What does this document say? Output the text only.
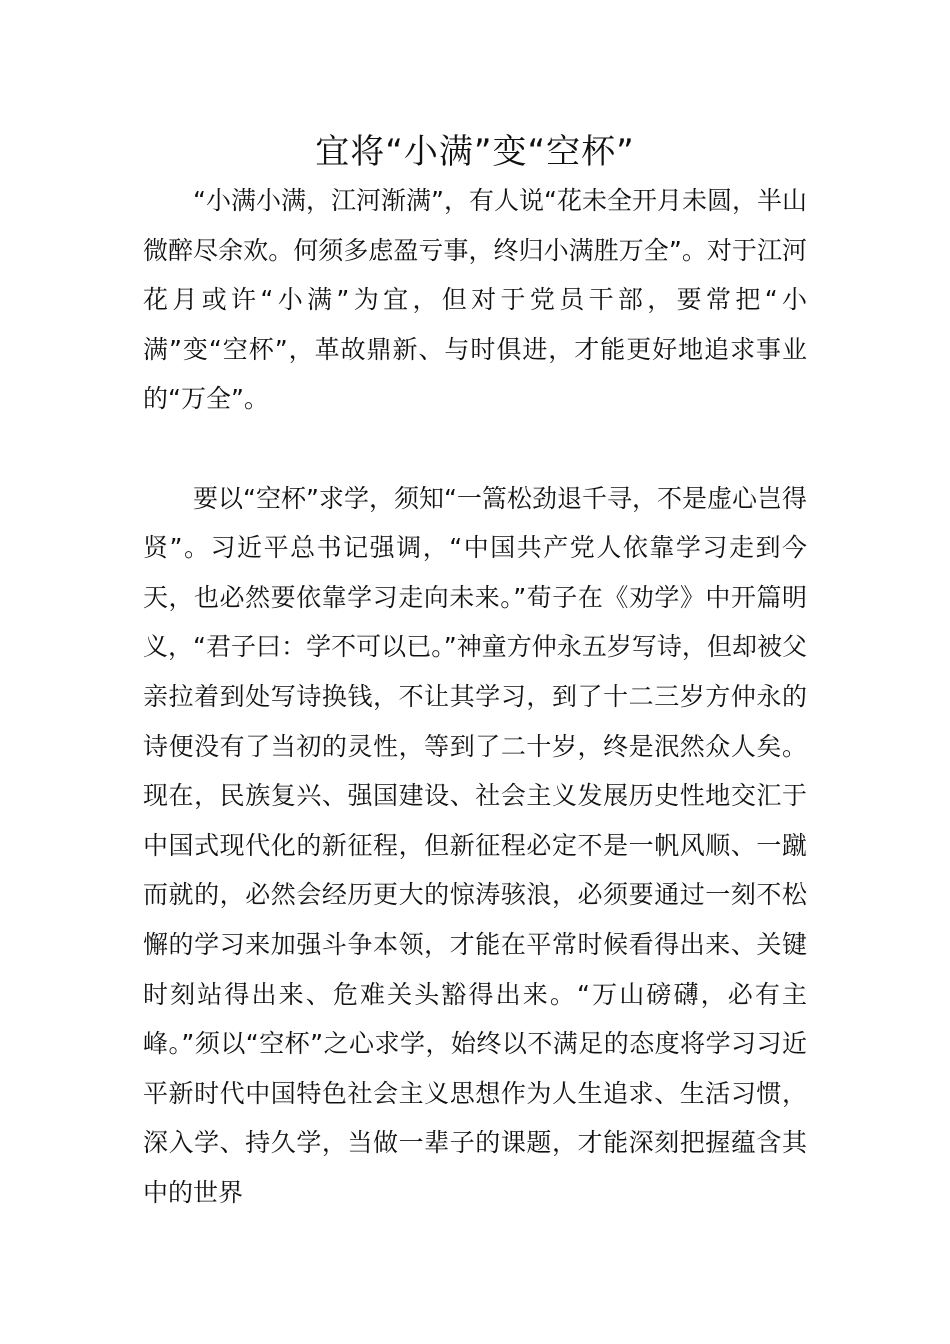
宜将“小满”变“空杯”

“小满小满，江河渐满”，有人说“花未全开月未圆，半山微醉尽余欢。何须多虑盈亏事，终归小满胜万全”。对于江河花月或许“小满”为宜，但对于党员干部，要常把“小满”变“空杯”，革故鼎新、与时俱进，才能更好地追求事业的“万全”。

要以“空杯”求学，须知“一篙松劲退千寻，不是虚心岂得贤”。习近平总书记强调，“中国共产党人依靠学习走到今天，也必然要依靠学习走向未来。”荀子在《劝学》中开篇明义，“君子曰：学不可以已。”神童方仲永五岁写诗，但却被父亲拉着到处写诗换钱，不让其学习，到了十二三岁方仲永的诗便没有了当初的灵性，等到了二十岁，终是泯然众人矣。现在，民族复兴、强国建设、社会主义发展历史性地交汇于中国式现代化的新征程，但新征程必定不是一帆风顺、一蹴而就的，必然会经历更大的惊涛骇浪，必须要通过一刻不松懈的学习来加强斗争本领，才能在平常时候看得出来、关键时刻站得出来、危难关头豁得出来。“万山磅礴，必有主峰。”须以“空杯”之心求学，始终以不满足的态度将学习习近平新时代中国特色社会主义思想作为人生追求、生活习惯，深入学、持久学，当做一辈子的课题，才能深刻把握蕴含其中的世界
